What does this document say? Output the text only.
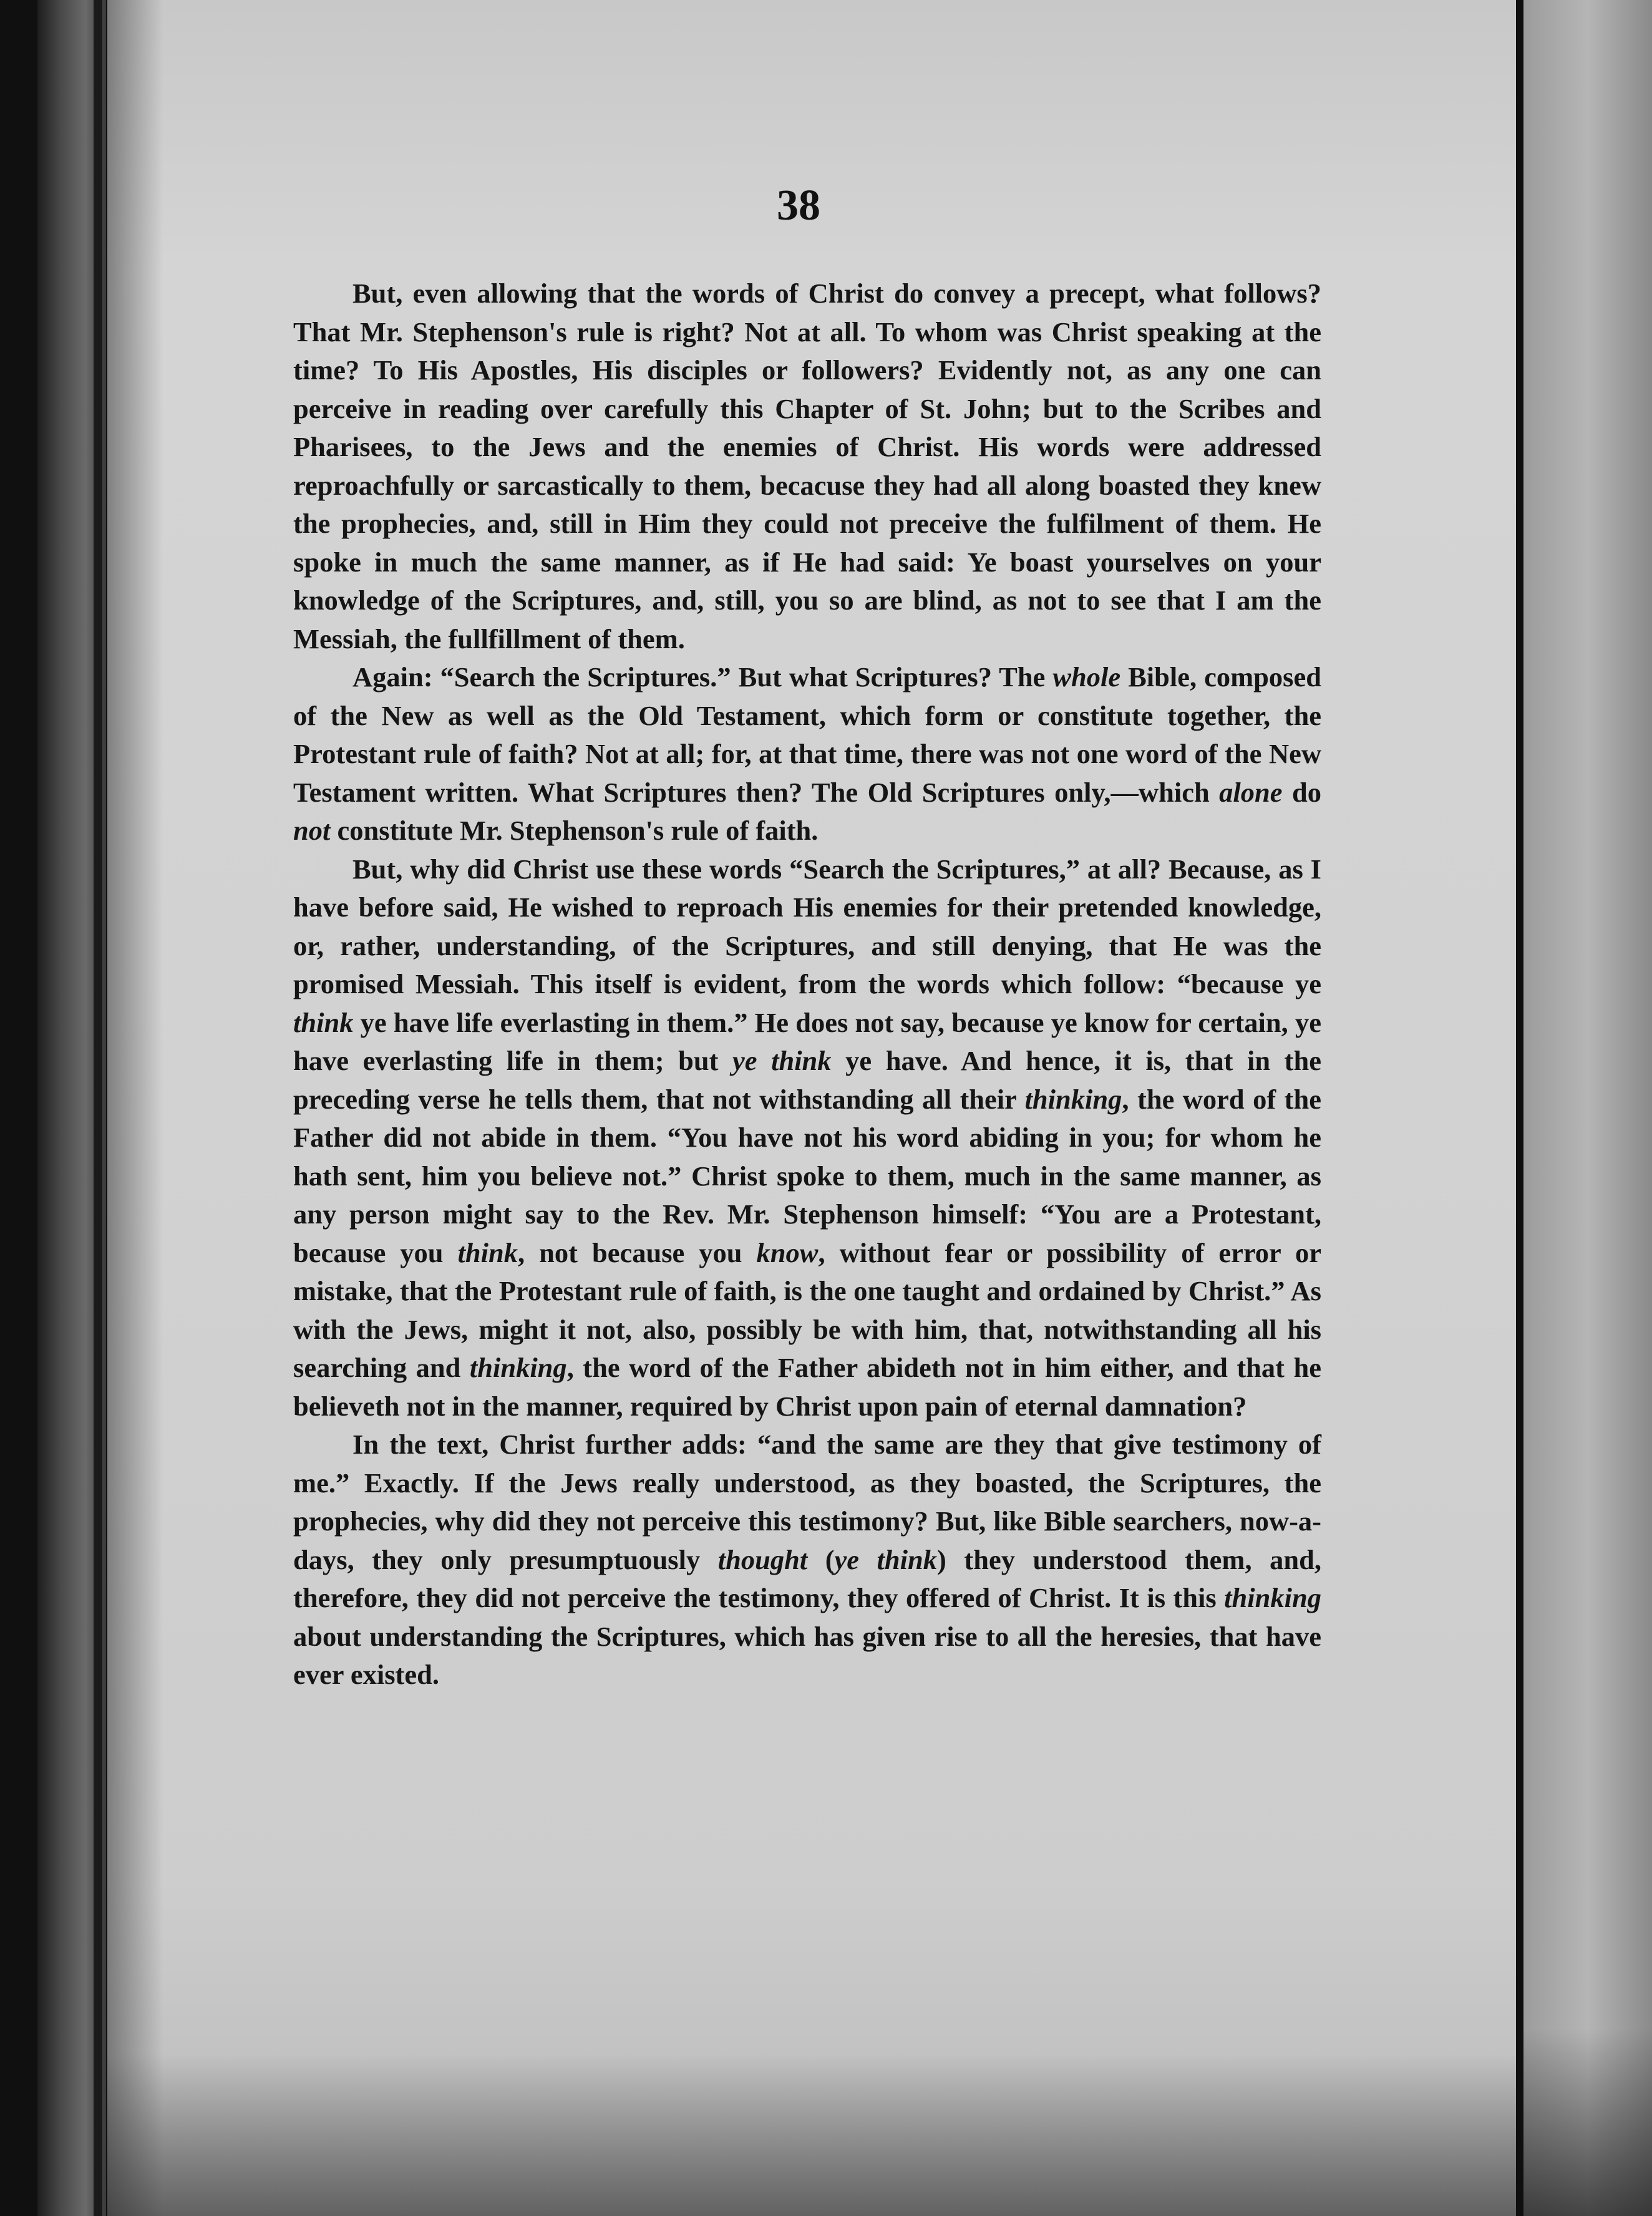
38

But, even allowing that the words of Christ do convey a precept, what follows? That Mr. Stephenson's rule is right? Not at all. To whom was Christ speaking at the time? To His Apostles, His disciples or followers? Evidently not, as any one can perceive in reading over carefully this Chapter of St. John; but to the Scribes and Pharisees, to the Jews and the enemies of Christ. His words were addressed reproachfully or sarcastically to them, becacuse they had all along boasted they knew the prophecies, and, still in Him they could not preceive the fulfilment of them. He spoke in much the same manner, as if He had said: Ye boast yourselves on your knowledge of the Scriptures, and, still, you so are blind, as not to see that I am the Messiah, the fullfillment of them.

Again: “Search the Scriptures.” But what Scriptures? The whole Bible, composed of the New as well as the Old Testament, which form or constitute together, the Protestant rule of faith? Not at all; for, at that time, there was not one word of the New Testament written. What Scriptures then? The Old Scriptures only,—which alone do not constitute Mr. Stephenson's rule of faith.

But, why did Christ use these words “Search the Scriptures,” at all? Because, as I have before said, He wished to reproach His enemies for their pretended knowledge, or, rather, understanding, of the Scriptures, and still denying, that He was the promised Messiah. This itself is evident, from the words which follow: “because ye think ye have life everlasting in them.” He does not say, because ye know for certain, ye have everlasting life in them; but ye think ye have. And hence, it is, that in the preceding verse he tells them, that not withstanding all their thinking, the word of the Father did not abide in them. “You have not his word abiding in you; for whom he hath sent, him you believe not.” Christ spoke to them, much in the same manner, as any person might say to the Rev. Mr. Stephenson himself: “You are a Protestant, because you think, not because you know, without fear or possibility of error or mistake, that the Protestant rule of faith, is the one taught and ordained by Christ.” As with the Jews, might it not, also, possibly be with him, that, notwithstanding all his searching and thinking, the word of the Father abideth not in him either, and that he believeth not in the manner, required by Christ upon pain of eternal damnation?

In the text, Christ further adds: “and the same are they that give testimony of me.” Exactly. If the Jews really understood, as they boasted, the Scriptures, the prophecies, why did they not perceive this testimony? But, like Bible searchers, now-a-days, they only presumptuously thought (ye think) they understood them, and, therefore, they did not perceive the testimony, they offered of Christ. It is this thinking about understanding the Scriptures, which has given rise to all the heresies, that have ever existed.
